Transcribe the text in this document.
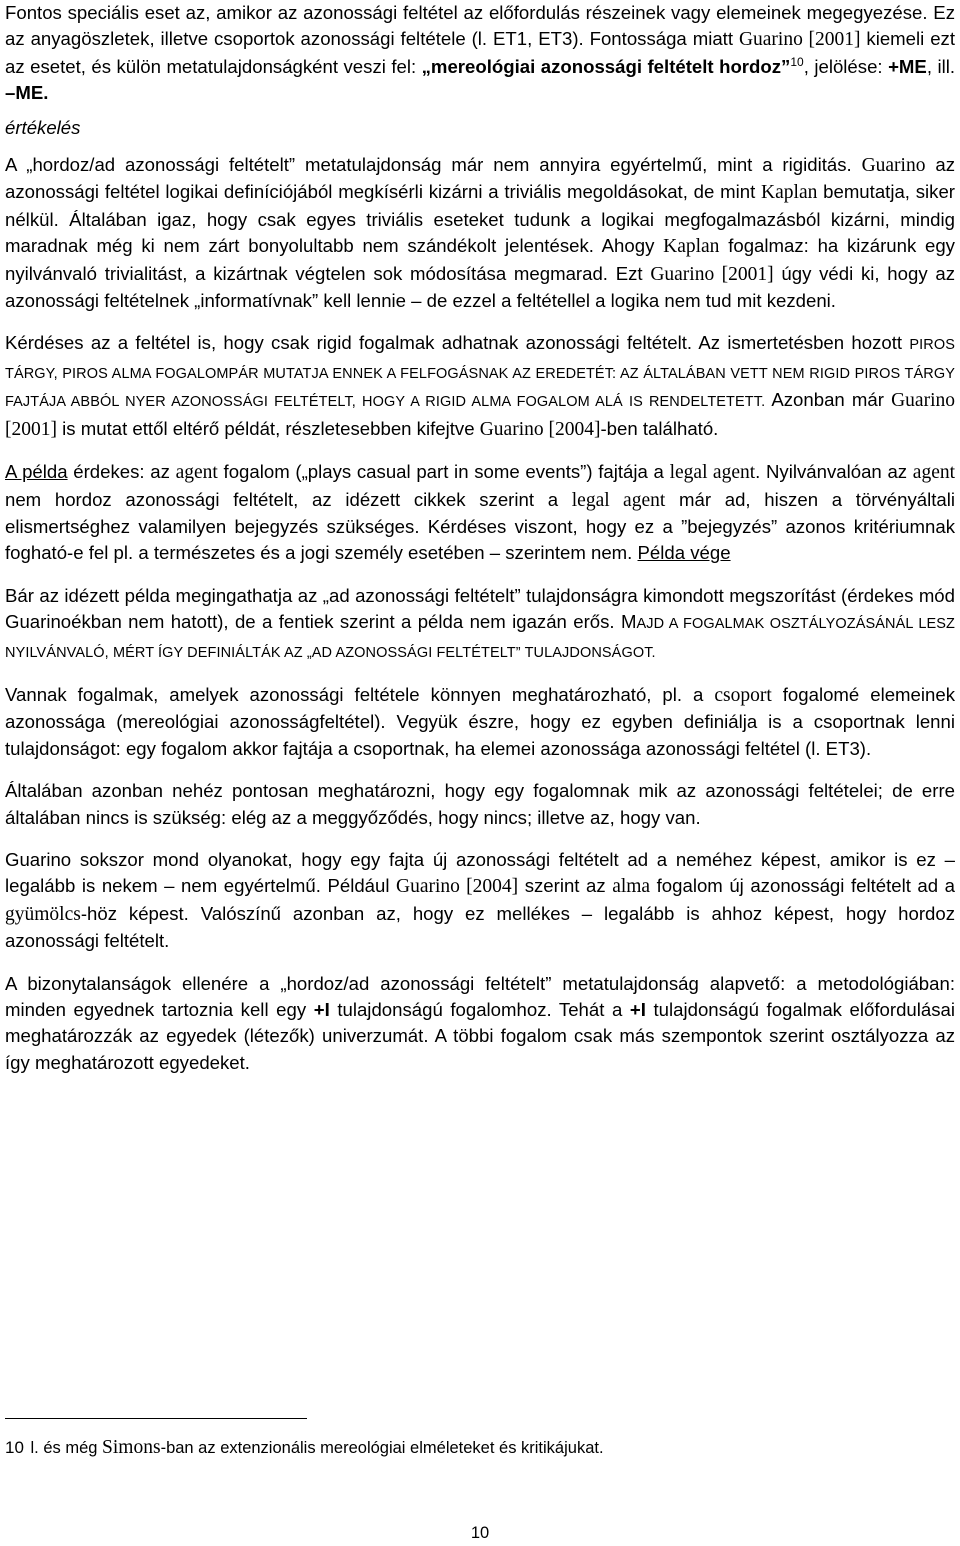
Fontos speciális eset az, amikor az azonossági feltétel az előfordulás részeinek vagy elemeinek megegyezése. Ez az anyagöszletek, illetve csoportok azonossági feltétele (l. ET1, ET3). Fontossága miatt Guarino [2001] kiemeli ezt az esetet, és külön metatulajdonságként veszi fel: „mereológiai azonossági feltételt hordoz”$^{10}$, jelölése: +ME, ill. –ME.

értékelés

A „hordoz/ad azonossági feltételt” metatulajdonság már nem annyira egyértelmű, mint a rigiditás. Guarino az azonossági feltétel logikai definíciójából megkísérli kizárni a triviális megoldásokat, de mint Kaplan bemutatja, siker nélkül. Általában igaz, hogy csak egyes triviális eseteket tudunk a logikai megfogalmazásból kizárni, mindig maradnak még ki nem zárt bonyolultabb nem szándékolt jelentések. Ahogy Kaplan fogalmaz: ha kizárunk egy nyilvánvaló trivialitást, a kizártnak végtelen sok módosítása megmarad. Ezt Guarino [2001] úgy védi ki, hogy az azonossági feltételnek „informatívnak” kell lennie – de ezzel a feltétellel a logika nem tud mit kezdeni.

Kérdéses az a feltétel is, hogy csak rigid fogalmak adhatnak azonossági feltételt. Az ismertetésben hozott PIROS TÁRGY, PIROS ALMA FOGALOMPÁR MUTATJA ENNEK A FELFOGÁSNAK AZ EREDETÉT: AZ ÁLTALÁBAN VETT NEM RIGID PIROS TÁRGY FAJTÁJA ABBÓL NYER AZONOSSÁGI FELTÉTELT, HOGY A RIGID ALMA FOGALOM ALÁ IS RENDELTETETT. Azonban már Guarino [2001] is mutat ettől eltérő példát, részletesebben kifejtve Guarino [2004]-ben található.

A példa érdekes: az agent fogalom („plays casual part in some events”) fajtája a legal agent. Nyilvánvalóan az agent nem hordoz azonossági feltételt, az idézett cikkek szerint a legal agent már ad, hiszen a törvényáltali elismertséghez valamilyen bejegyzés szükséges. Kérdéses viszont, hogy ez a ”bejegyzés” azonos kritériumnak fogható-e fel pl. a természetes és a jogi személy esetében – szerintem nem. Példa vége

Bár az idézett példa megingathatja az „ad azonossági feltételt” tulajdonságra kimondott megszorítást (érdekes mód Guarinoékban nem hatott), de a fentiek szerint a példa nem igazán erős. MAJD A FOGALMAK OSZTÁLYOZÁSÁNÁL LESZ NYILVÁNVALÓ, MÉRT ÍGY DEFINIÁLTÁK AZ „AD AZONOSSÁGI FELTÉTELT” TULAJDONSÁGOT.

Vannak fogalmak, amelyek azonossági feltétele könnyen meghatározható, pl. a csoport fogalomé elemeinek azonossága (mereológiai azonosságfeltétel). Vegyük észre, hogy ez egyben definiálja is a csoportnak lenni tulajdonságot: egy fogalom akkor fajtája a csoportnak, ha elemei azonossága azonossági feltétel (l. ET3).

Általában azonban nehéz pontosan meghatározni, hogy egy fogalomnak mik az azonossági feltételei; de erre általában nincs is szükség: elég az a meggyőződés, hogy nincs; illetve az, hogy van.

Guarino sokszor mond olyanokat, hogy egy fajta új azonossági feltételt ad a neméhez képest, amikor is ez – legalább is nekem – nem egyértelmű. Például Guarino [2004] szerint az alma fogalom új azonossági feltételt ad a gyümölcs-höz képest. Valószínű azonban az, hogy ez mellékes – legalább is ahhoz képest, hogy hordoz azonossági feltételt.

A bizonytalanságok ellenére a „hordoz/ad azonossági feltételt” metatulajdonság alapvető: a metodológiában: minden egyednek tartoznia kell egy +I tulajdonságú fogalomhoz. Tehát a +I tulajdonságú fogalmak előfordulásai meghatározzák az egyedek (létezők) univerzumát. A többi fogalom csak más szempontok szerint osztályozza az így meghatározott egyedeket.

10 l. és még Simons-ban az extenzionális mereológiai elméleteket és kritikájukat.
10
